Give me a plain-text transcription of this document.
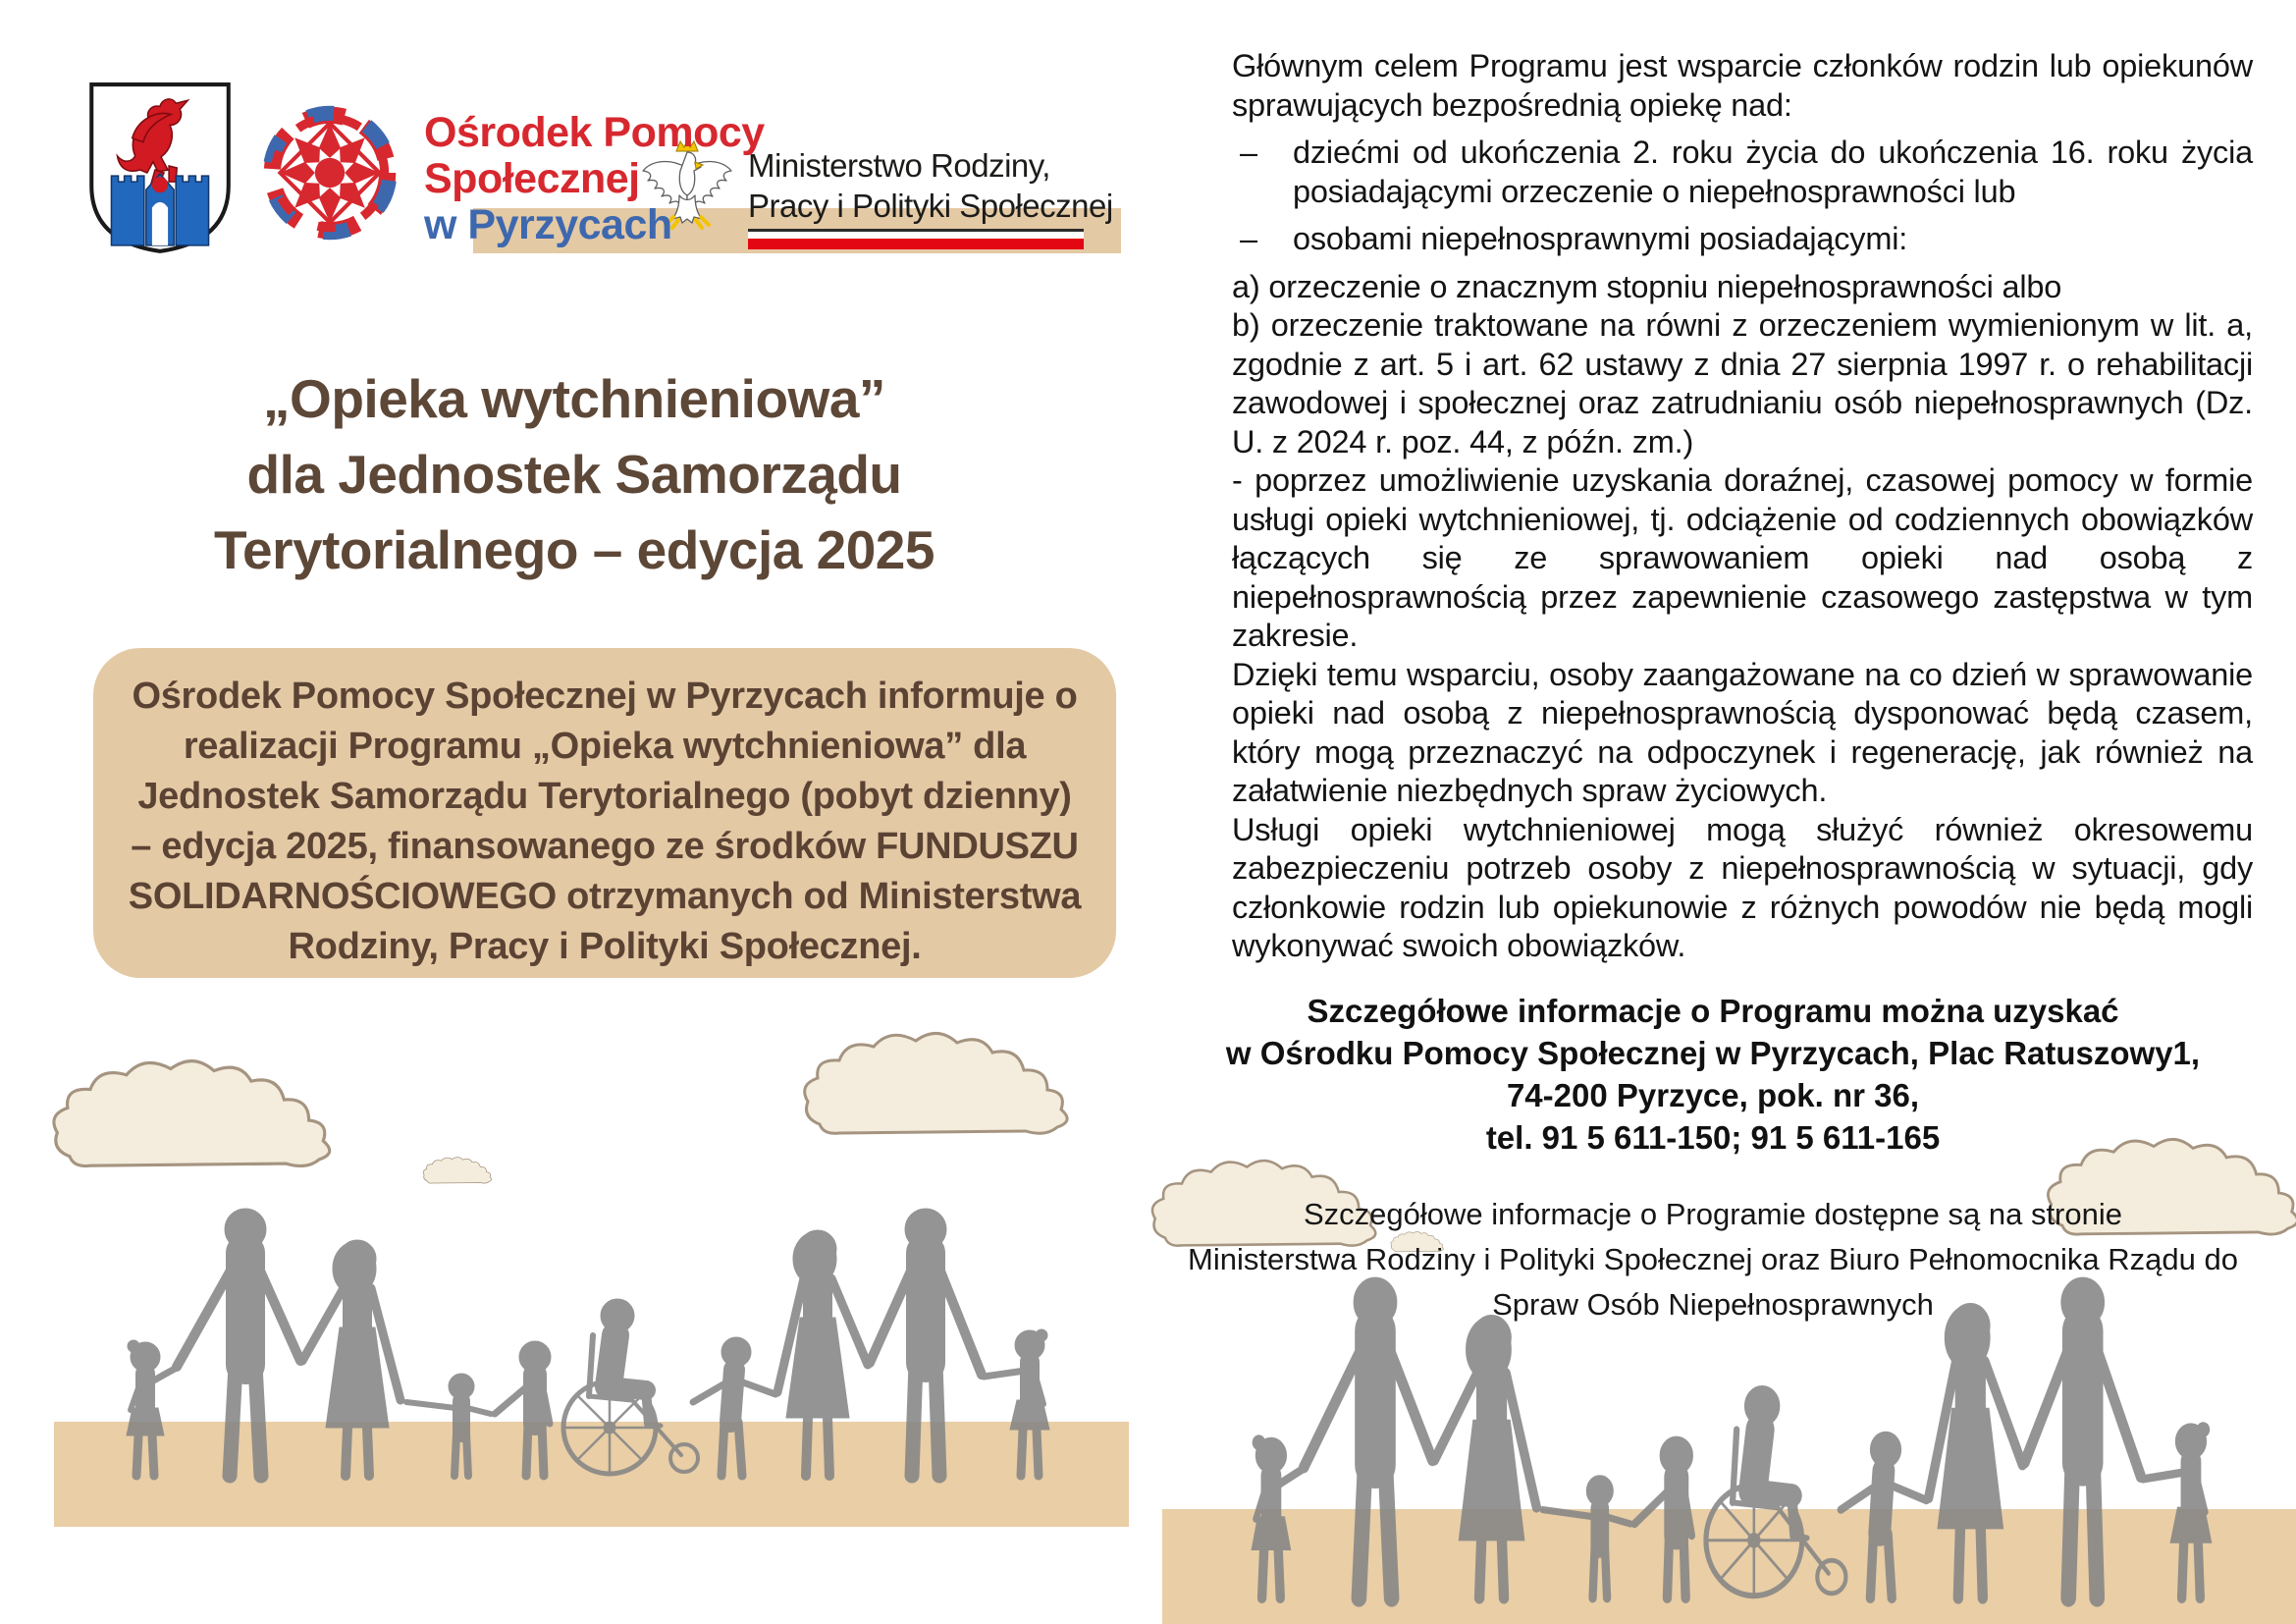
Ośrodek Pomocy
Społecznej
w Pyrzycach
Ministerstwo Rodziny,
Pracy i Polityki Społecznej
„Opieka wytchnieniowa”
dla Jednostek Samorządu
Terytorialnego – edycja 2025
Ośrodek Pomocy Społecznej w Pyrzycach informuje o
realizacji Programu „Opieka wytchnieniowa” dla
Jednostek Samorządu Terytorialnego (pobyt dzienny)
– edycja 2025, finansowanego ze środków FUNDUSZU
SOLIDARNOŚCIOWEGO otrzymanych od Ministerstwa
Rodziny, Pracy i Polityki Społecznej.
Głównym celem Programu jest wsparcie członków rodzin lub opiekunów sprawujących bezpośrednią opiekę nad:
– dziećmi od ukończenia 2. roku życia do ukończenia 16. roku życia posiadającymi orzeczenie o niepełnosprawności lub
– osobami niepełnosprawnymi posiadającymi:
a) orzeczenie o znacznym stopniu niepełnosprawności albo
b) orzeczenie traktowane na równi z orzeczeniem wymienionym w lit. a, zgodnie z art. 5 i art. 62 ustawy z dnia 27 sierpnia 1997 r. o rehabilitacji zawodowej i społecznej oraz zatrudnianiu osób niepełnosprawnych (Dz. U. z 2024 r. poz. 44, z późn. zm.)
- poprzez umożliwienie uzyskania doraźnej, czasowej pomocy w formie usługi opieki wytchnieniowej, tj. odciążenie od codziennych obowiązków łączących się ze sprawowaniem opieki nad osobą z niepełnosprawnością przez zapewnienie czasowego zastępstwa w tym zakresie.
Dzięki temu wsparciu, osoby zaangażowane na co dzień w sprawowanie opieki nad osobą z niepełnosprawnością dysponować będą czasem, który mogą przeznaczyć na odpoczynek i regenerację, jak również na załatwienie niezbędnych spraw życiowych.
Usługi opieki wytchnieniowej mogą służyć również okresowemu zabezpieczeniu potrzeb osoby z niepełnosprawnością w sytuacji, gdy członkowie rodzin lub opiekunowie z różnych powodów nie będą mogli wykonywać swoich obowiązków.
Szczegółowe informacje o Programu można uzyskać
w Ośrodku Pomocy Społecznej w Pyrzycach, Plac Ratuszowy1,
74-200 Pyrzyce, pok. nr 36,
tel. 91 5 611-150; 91 5 611-165
Szczegółowe informacje o Programie dostępne są na stronie
Ministerstwa Rodziny i Polityki Społecznej oraz Biuro Pełnomocnika Rządu do
Spraw Osób Niepełnosprawnych
